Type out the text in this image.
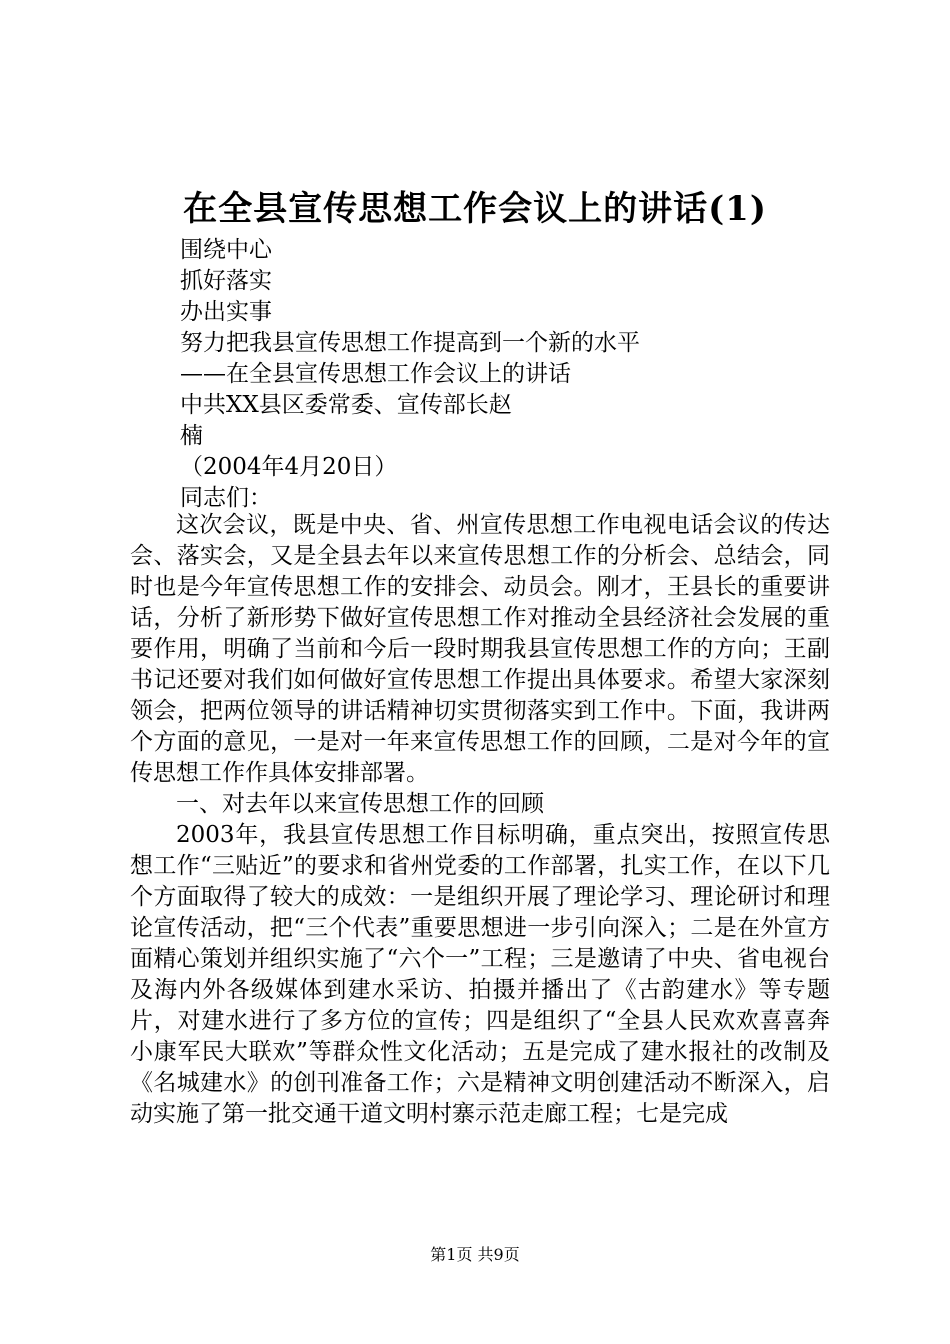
在全县宣传思想工作会议上的讲话(1)
围绕中心
抓好落实
办出实事
努力把我县宣传思想工作提高到一个新的水平
——在全县宣传思想工作会议上的讲话
中共XX县区委常委、宣传部长赵
楠
（2004年4月20日）
同志们：

这次会议，既是中央、省、州宣传思想工作电视电话会议的传达会、落实会，又是全县去年以来宣传思想工作的分析会、总结会，同时也是今年宣传思想工作的安排会、动员会。刚才，王县长的重要讲话，分析了新形势下做好宣传思想工作对推动全县经济社会发展的重要作用，明确了当前和今后一段时期我县宣传思想工作的方向；王副书记还要对我们如何做好宣传思想工作提出具体要求。希望大家深刻领会，把两位领导的讲话精神切实贯彻落实到工作中。下面，我讲两个方面的意见，一是对一年来宣传思想工作的回顾，二是对今年的宣传思想工作作具体安排部署。

一、对去年以来宣传思想工作的回顾

2003年，我县宣传思想工作目标明确，重点突出，按照宣传思想工作“三贴近”的要求和省州党委的工作部署，扎实工作，在以下几个方面取得了较大的成效：一是组织开展了理论学习、理论研讨和理论宣传活动，把“三个代表”重要思想进一步引向深入；二是在外宣方面精心策划并组织实施了“六个一”工程；三是邀请了中央、省电视台及海内外各级媒体到建水采访、拍摄并播出了《古韵建水》等专题片，对建水进行了多方位的宣传；四是组织了“全县人民欢欢喜喜奔小康军民大联欢”等群众性文化活动；五是完成了建水报社的改制及《名城建水》的创刊准备工作；六是精神文明创建活动不断深入，启动实施了第一批交通干道文明村寨示范走廊工程；七是完成

第1页 共9页
